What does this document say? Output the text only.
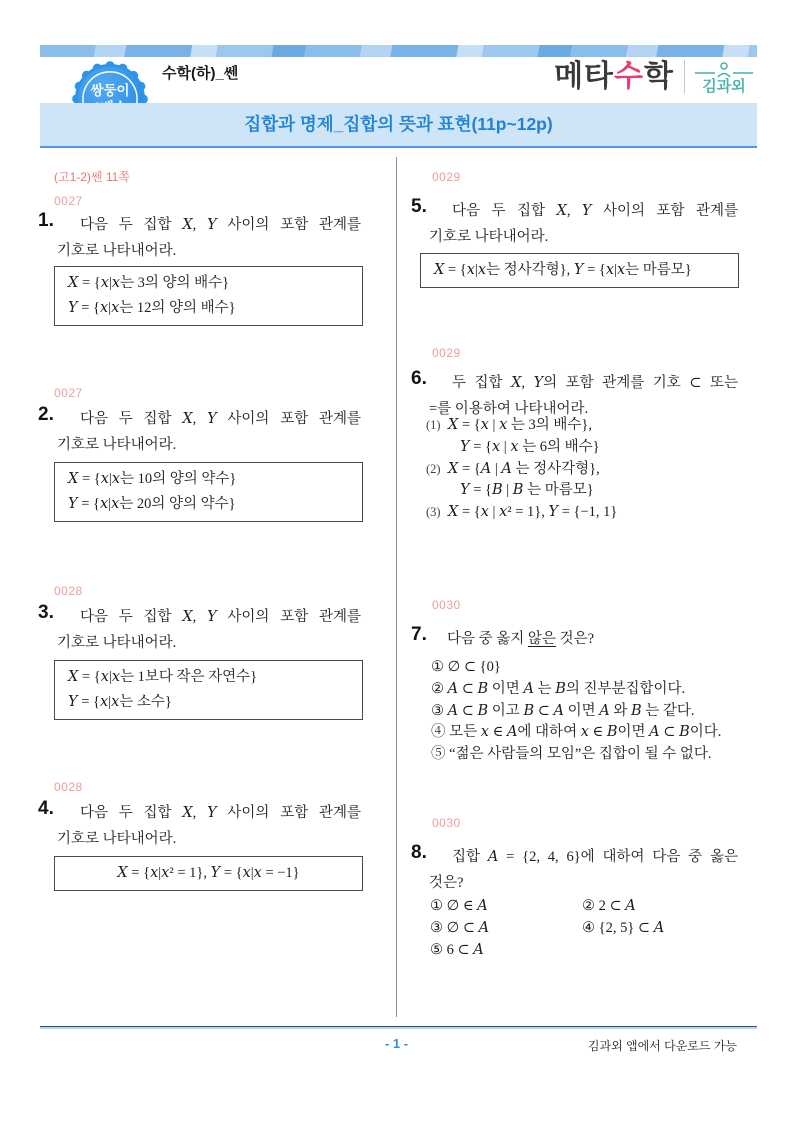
쌍둥이
수학(하)_쎈	메타수학 김과외
집합과 명제_집합의 뜻과 표현(11p~12p)
(고1-2)쎈 11쪽
0027
1.	다음 두 집합 X, Y 사이의 포함 관계를
기호로 나타내어라.
X = {x|x는 3의 양의 배수}
Y = {x|x는 12의 양의 배수}
0027
2.	다음 두 집합 X, Y 사이의 포함 관계를
기호로 나타내어라.
X = {x|x는 10의 양의 약수}
Y = {x|x는 20의 양의 약수}
0028
3.	다음 두 집합 X, Y 사이의 포함 관계를
기호로 나타내어라.
X = {x|x는 1보다 작은 자연수}
Y = {x|x는 소수}
0028
4.	다음 두 집합 X, Y 사이의 포함 관계를
기호로 나타내어라.
X = {x|x² = 1}, Y = {x|x = −1}
0029
5.	다음 두 집합 X, Y 사이의 포함 관계를
기호로 나타내어라.
X = {x|x는 정사각형}, Y = {x|x는 마름모}
0029
6.	두 집합 X, Y의 포함 관계를 기호 ⊂ 또는
=를 이용하여 나타내어라.
(1) X = {x | x 는 3의 배수},
Y = {x | x 는 6의 배수}
(2) X = {A | A 는 정사각형},
Y = {B | B 는 마름모}
(3) X = {x | x² = 1}, Y = {−1, 1}
0030
7.	다음 중 옳지 않은 것은?
① ∅ ⊂ {0}
② A ⊂ B 이면 A 는 B의 진부분집합이다.
③ A ⊂ B 이고 B ⊂ A 이면 A 와 B 는 같다.
④ 모든 x ∈ A에 대하여 x ∈ B이면 A ⊂ B이다.
⑤ “젊은 사람들의 모임”은 집합이 될 수 없다.
0030
8.	집합 A = {2, 4, 6}에 대하여 다음 중 옳은
것은?
① ∅ ∈ A	② 2 ⊂ A
③ ∅ ⊂ A	④ {2, 5} ⊂ A
⑤ 6 ⊂ A
- 1 -	김과외 앱에서 다운로드 가능
